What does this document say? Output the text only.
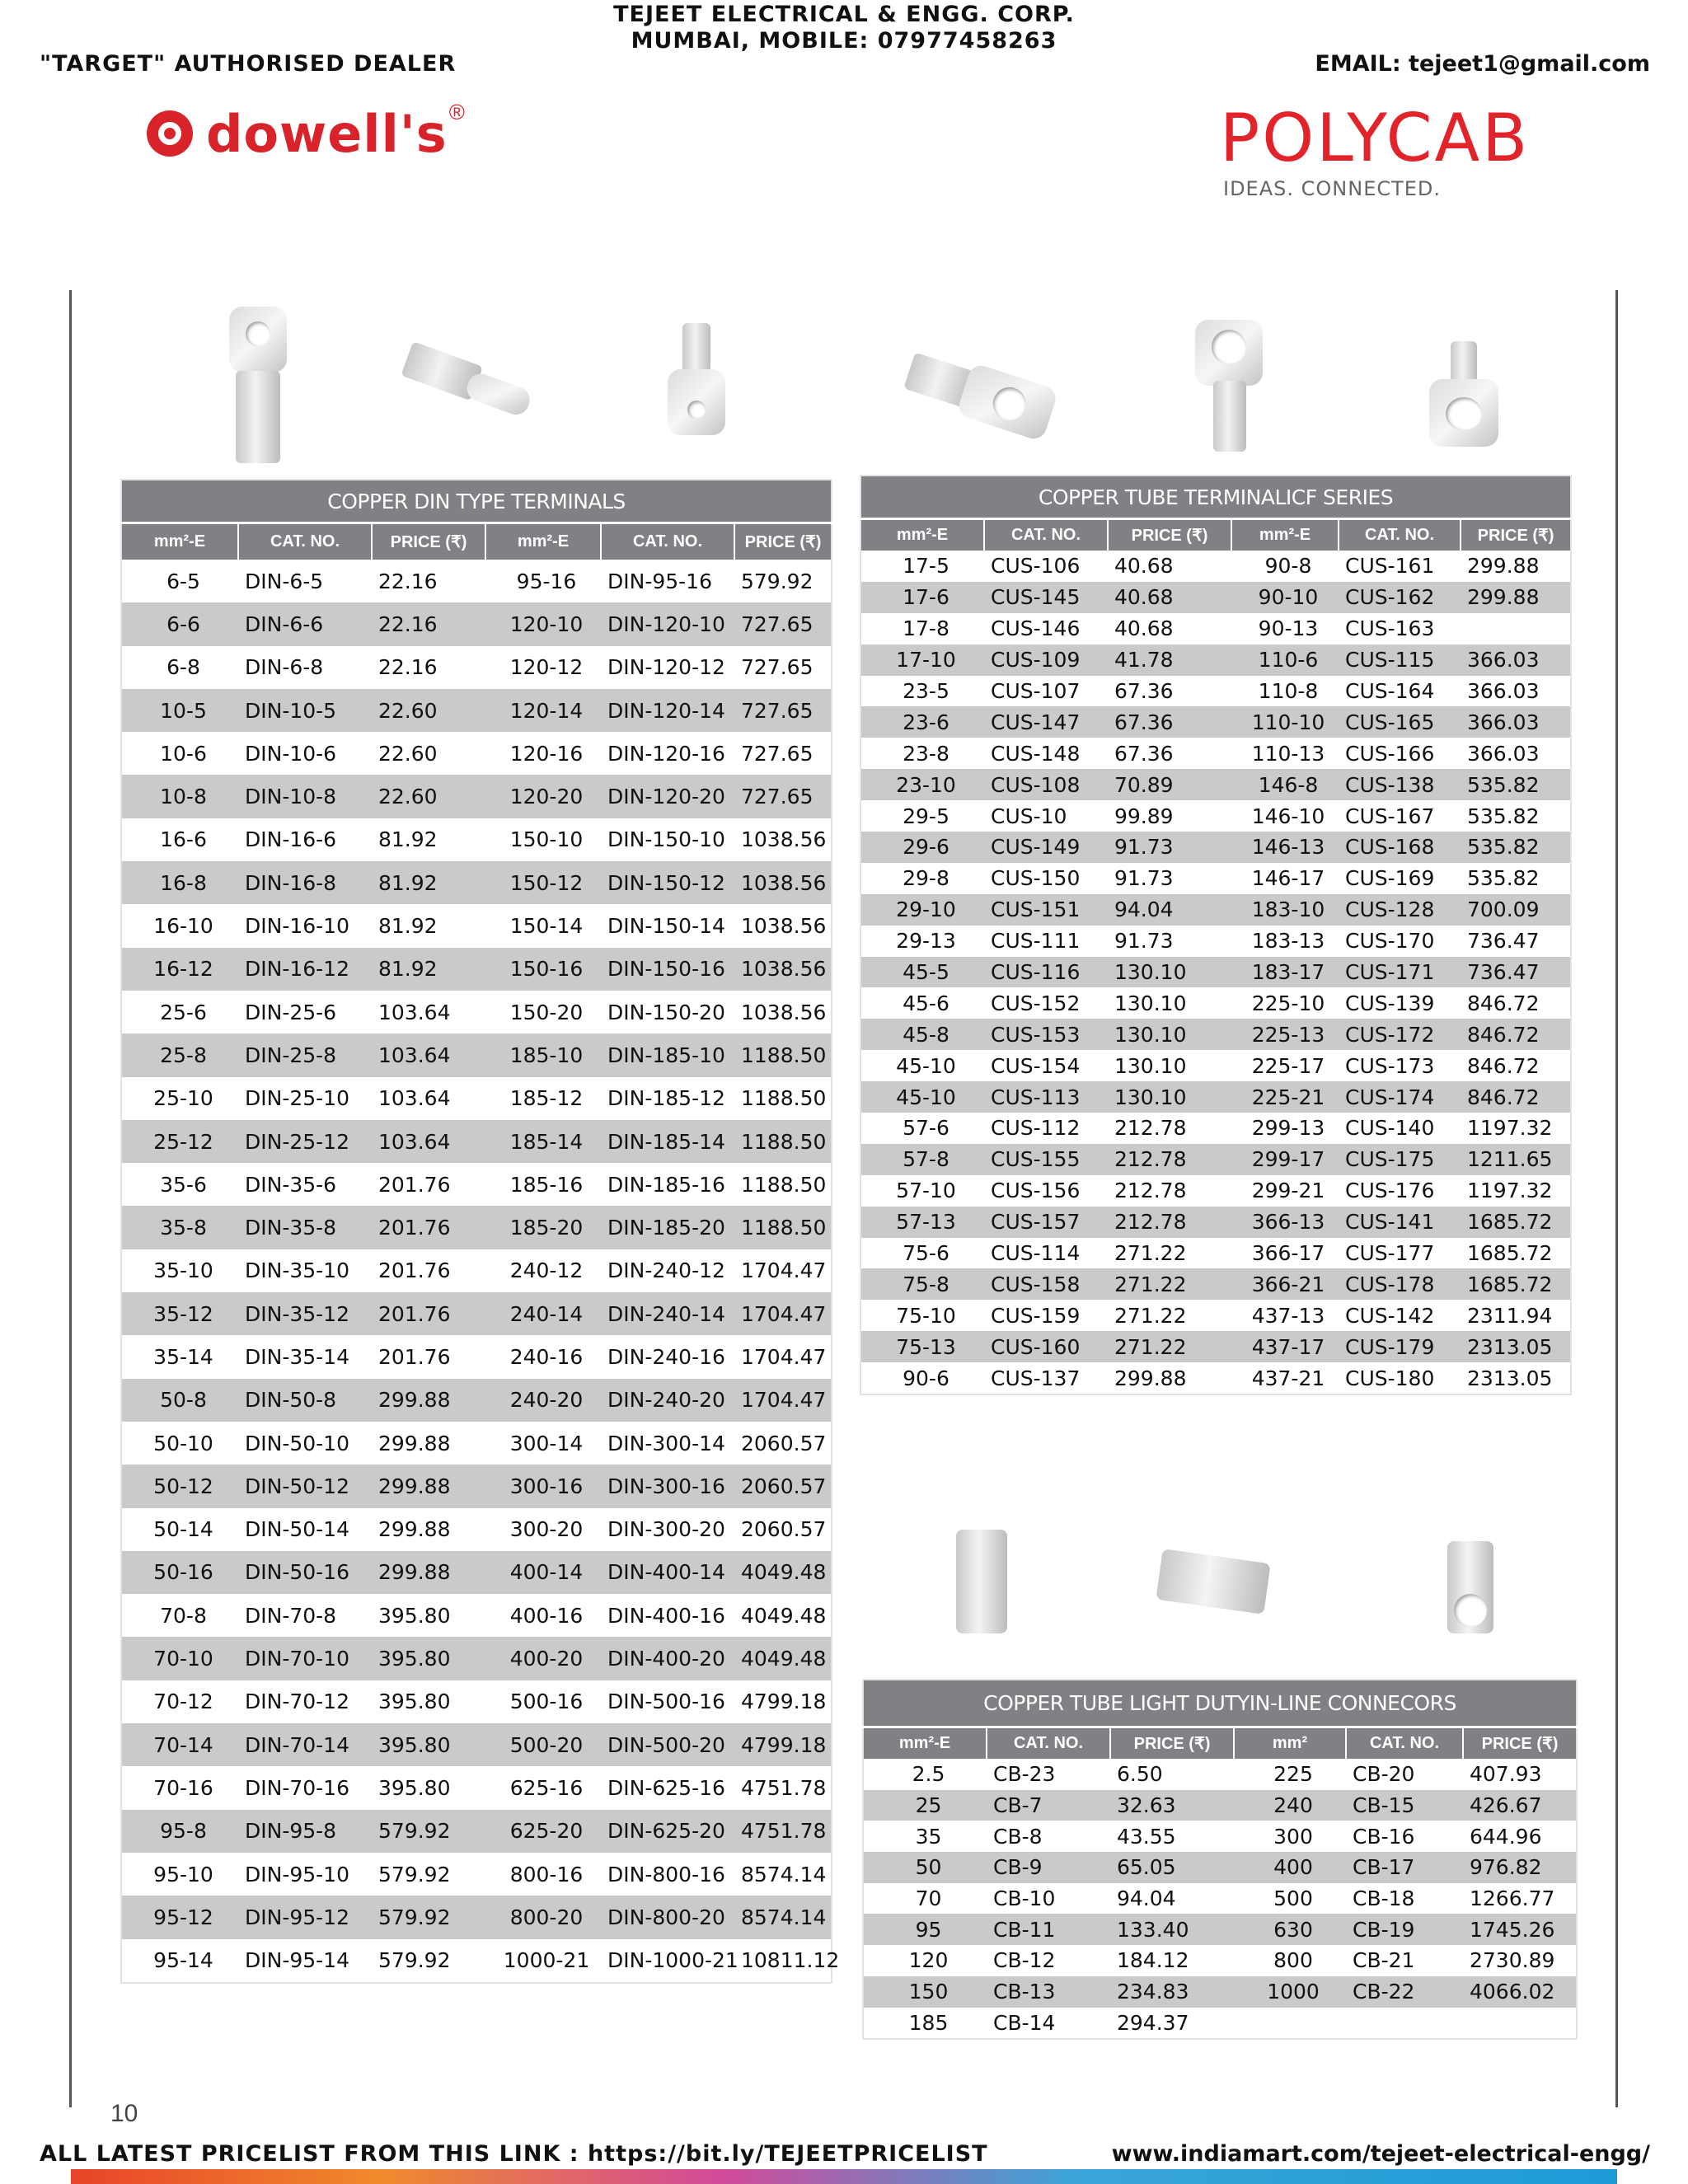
TEJEET ELECTRICAL & ENGG. CORP.
MUMBAI, MOBILE: 07977458263
"TARGET" AUTHORISED DEALER	EMAIL: tejeet1@gmail.com
dowell's ®	POLYCAB
IDEAS. CONNECTED.
COPPER DIN TYPE TERMINALS					
mm²-E	CAT. NO.	PRICE (₹)	mm²-E	CAT. NO.	PRICE (₹)
6-5	DIN-6-5	22.16	95-16	DIN-95-16	579.92
6-6	DIN-6-6	22.16	120-10	DIN-120-10	727.65
6-8	DIN-6-8	22.16	120-12	DIN-120-12	727.65
10-5	DIN-10-5	22.60	120-14	DIN-120-14	727.65
10-6	DIN-10-6	22.60	120-16	DIN-120-16	727.65
10-8	DIN-10-8	22.60	120-20	DIN-120-20	727.65
16-6	DIN-16-6	81.92	150-10	DIN-150-10	1038.56
16-8	DIN-16-8	81.92	150-12	DIN-150-12	1038.56
16-10	DIN-16-10	81.92	150-14	DIN-150-14	1038.56
16-12	DIN-16-12	81.92	150-16	DIN-150-16	1038.56
25-6	DIN-25-6	103.64	150-20	DIN-150-20	1038.56
25-8	DIN-25-8	103.64	185-10	DIN-185-10	1188.50
25-10	DIN-25-10	103.64	185-12	DIN-185-12	1188.50
25-12	DIN-25-12	103.64	185-14	DIN-185-14	1188.50
35-6	DIN-35-6	201.76	185-16	DIN-185-16	1188.50
35-8	DIN-35-8	201.76	185-20	DIN-185-20	1188.50
35-10	DIN-35-10	201.76	240-12	DIN-240-12	1704.47
35-12	DIN-35-12	201.76	240-14	DIN-240-14	1704.47
35-14	DIN-35-14	201.76	240-16	DIN-240-16	1704.47
50-8	DIN-50-8	299.88	240-20	DIN-240-20	1704.47
50-10	DIN-50-10	299.88	300-14	DIN-300-14	2060.57
50-12	DIN-50-12	299.88	300-16	DIN-300-16	2060.57
50-14	DIN-50-14	299.88	300-20	DIN-300-20	2060.57
50-16	DIN-50-16	299.88	400-14	DIN-400-14	4049.48
70-8	DIN-70-8	395.80	400-16	DIN-400-16	4049.48
70-10	DIN-70-10	395.80	400-20	DIN-400-20	4049.48
70-12	DIN-70-12	395.80	500-16	DIN-500-16	4799.18
70-14	DIN-70-14	395.80	500-20	DIN-500-20	4799.18
70-16	DIN-70-16	395.80	625-16	DIN-625-16	4751.78
95-8	DIN-95-8	579.92	625-20	DIN-625-20	4751.78
95-10	DIN-95-10	579.92	800-16	DIN-800-16	8574.14
95-12	DIN-95-12	579.92	800-20	DIN-800-20	8574.14
95-14	DIN-95-14	579.92	1000-21	DIN-1000-21	10811.12
COPPER TUBE TERMINALICF SERIES					
mm²-E	CAT. NO.	PRICE (₹)	mm²-E	CAT. NO.	PRICE (₹)
17-5	CUS-106	40.68	90-8	CUS-161	299.88
17-6	CUS-145	40.68	90-10	CUS-162	299.88
17-8	CUS-146	40.68	90-13	CUS-163	
17-10	CUS-109	41.78	110-6	CUS-115	366.03
23-5	CUS-107	67.36	110-8	CUS-164	366.03
23-6	CUS-147	67.36	110-10	CUS-165	366.03
23-8	CUS-148	67.36	110-13	CUS-166	366.03
23-10	CUS-108	70.89	146-8	CUS-138	535.82
29-5	CUS-10	99.89	146-10	CUS-167	535.82
29-6	CUS-149	91.73	146-13	CUS-168	535.82
29-8	CUS-150	91.73	146-17	CUS-169	535.82
29-10	CUS-151	94.04	183-10	CUS-128	700.09
29-13	CUS-111	91.73	183-13	CUS-170	736.47
45-5	CUS-116	130.10	183-17	CUS-171	736.47
45-6	CUS-152	130.10	225-10	CUS-139	846.72
45-8	CUS-153	130.10	225-13	CUS-172	846.72
45-10	CUS-154	130.10	225-17	CUS-173	846.72
45-10	CUS-113	130.10	225-21	CUS-174	846.72
57-6	CUS-112	212.78	299-13	CUS-140	1197.32
57-8	CUS-155	212.78	299-17	CUS-175	1211.65
57-10	CUS-156	212.78	299-21	CUS-176	1197.32
57-13	CUS-157	212.78	366-13	CUS-141	1685.72
75-6	CUS-114	271.22	366-17	CUS-177	1685.72
75-8	CUS-158	271.22	366-21	CUS-178	1685.72
75-10	CUS-159	271.22	437-13	CUS-142	2311.94
75-13	CUS-160	271.22	437-17	CUS-179	2313.05
90-6	CUS-137	299.88	437-21	CUS-180	2313.05
COPPER TUBE LIGHT DUTYIN-LINE CONNECORS					
mm²-E	CAT. NO.	PRICE (₹)	mm²	CAT. NO.	PRICE (₹)
2.5	CB-23	6.50	225	CB-20	407.93
25	CB-7	32.63	240	CB-15	426.67
35	CB-8	43.55	300	CB-16	644.96
50	CB-9	65.05	400	CB-17	976.82
70	CB-10	94.04	500	CB-18	1266.77
95	CB-11	133.40	630	CB-19	1745.26
120	CB-12	184.12	800	CB-21	2730.89
150	CB-13	234.83	1000	CB-22	4066.02
185	CB-14	294.37			
10
ALL LATEST PRICELIST FROM THIS LINK : https://bit.ly/TEJEETPRICELIST	www.indiamart.com/tejeet-electrical-engg/
